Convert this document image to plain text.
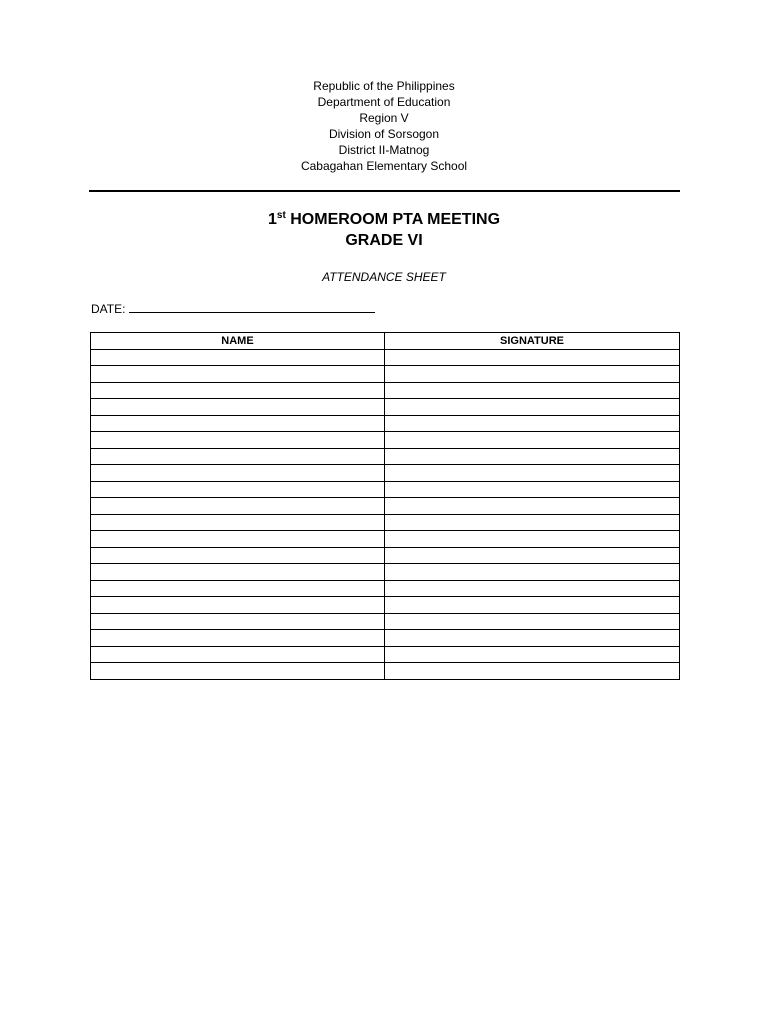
Republic of the Philippines
Department of Education
Region V
Division of Sorsogon
District II-Matnog
Cabagahan Elementary School
1st HOMEROOM PTA MEETING
GRADE VI
ATTENDANCE SHEET
DATE:
NAME	SIGNATURE
